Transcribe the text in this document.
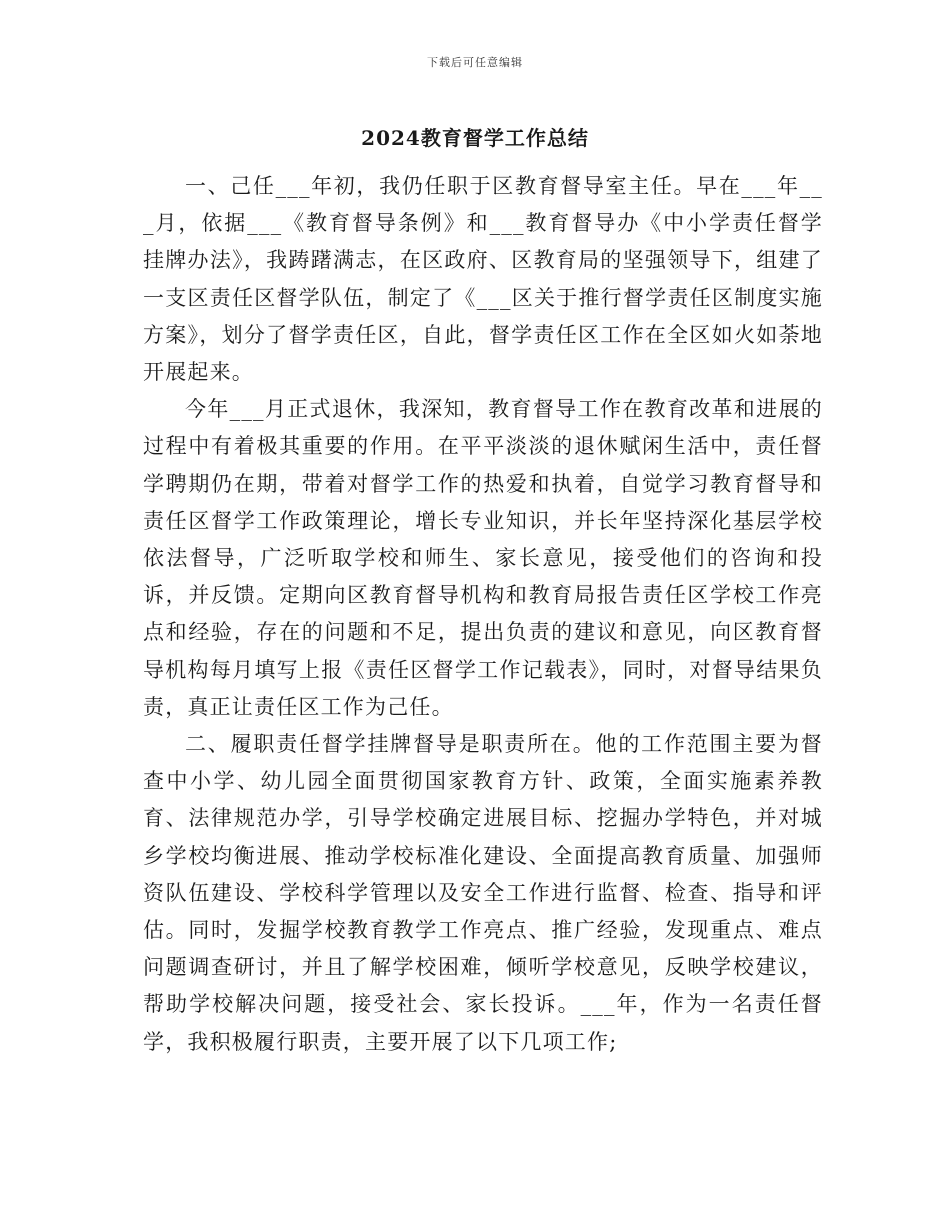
下载后可任意编辑
2024教育督学工作总结

一、己任___年初，我仍任职于区教育督导室主任。早在___年___月，依据___《教育督导条例》和___教育督导办《中小学责任督学挂牌办法》，我踌躇满志，在区政府、区教育局的坚强领导下，组建了一支区责任区督学队伍，制定了《___区关于推行督学责任区制度实施方案》，划分了督学责任区，自此，督学责任区工作在全区如火如荼地开展起来。

今年___月正式退休，我深知，教育督导工作在教育改革和进展的过程中有着极其重要的作用。在平平淡淡的退休赋闲生活中，责任督学聘期仍在期，带着对督学工作的热爱和执着，自觉学习教育督导和责任区督学工作政策理论，增长专业知识，并长年坚持深化基层学校依法督导，广泛听取学校和师生、家长意见，接受他们的咨询和投诉，并反馈。定期向区教育督导机构和教育局报告责任区学校工作亮点和经验，存在的问题和不足，提出负责的建议和意见，向区教育督导机构每月填写上报《责任区督学工作记载表》，同时，对督导结果负责，真正让责任区工作为己任。

二、履职责任督学挂牌督导是职责所在。他的工作范围主要为督查中小学、幼儿园全面贯彻国家教育方针、政策，全面实施素养教育、法律规范办学，引导学校确定进展目标、挖掘办学特色，并对城乡学校均衡进展、推动学校标准化建设、全面提高教育质量、加强师资队伍建设、学校科学管理以及安全工作进行监督、检查、指导和评估。同时，发掘学校教育教学工作亮点、推广经验，发现重点、难点问题调查研讨，并且了解学校困难，倾听学校意见，反映学校建议，帮助学校解决问题，接受社会、家长投诉。___年，作为一名责任督学，我积极履行职责，主要开展了以下几项工作;
